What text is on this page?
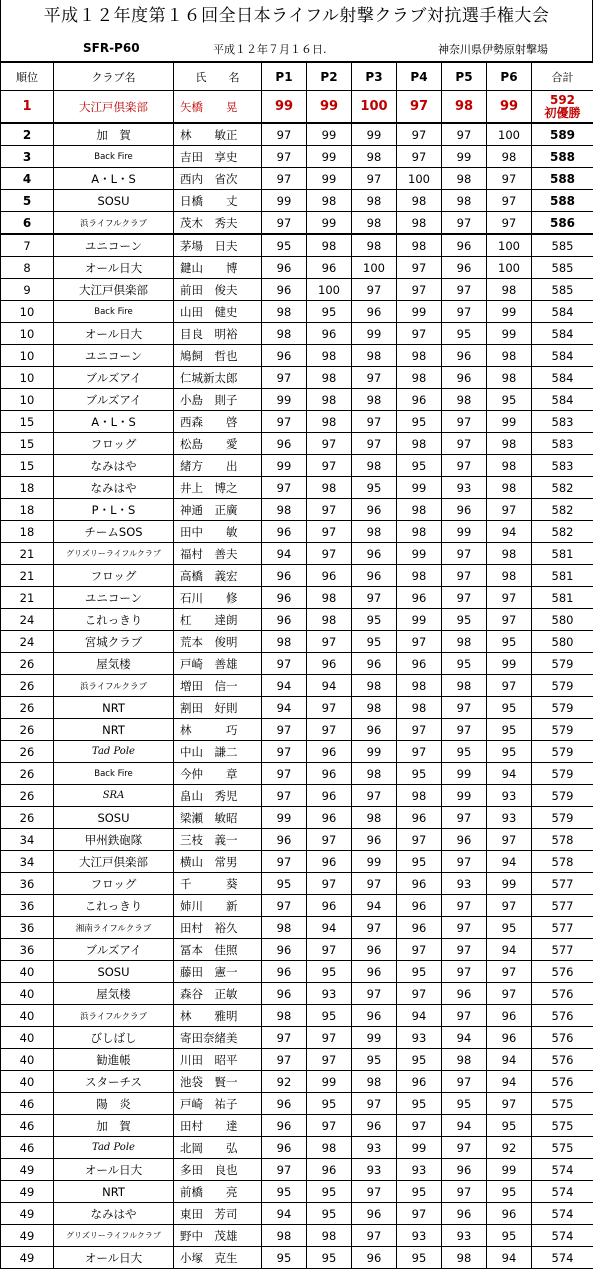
平成１２年度第１６回全日本ライフル射撃クラブ対抗選手権大会
SFR-P60	平成１２年７月１６日.	神奈川県伊勢原射撃場
順位	クラブ名	氏　　名	P1	P2	P3	P4	P5	P6	合計
1	大江戸倶楽部	矢橋　　晃	99	99	100	97	98	99	592
初優勝

2	加　賀	林　　敏正	97	99	99	97	97	100	589

3	Back Fire	吉田　享史	97	99	98	97	99	98	588

4	A・L・S	西内　省次	97	99	97	100	98	97	588

5	SOSU	日橋　　丈	99	98	98	98	98	97	588

6	浜ライフルクラブ	茂木　秀夫	97	99	98	98	97	97	586

7	ユニコーン	茅場　日夫	95	98	98	98	96	100	585

8	オール日大	鍵山　　博	96	96	100	97	96	100	585

9	大江戸倶楽部	前田　俊夫	96	100	97	97	97	98	585

10	Back Fire	山田　健史	98	95	96	99	97	99	584

10	オール日大	目良　明裕	98	96	99	97	95	99	584

10	ユニコーン	鳩飼　哲也	96	98	98	98	96	98	584

10	ブルズアイ	仁城新太郎	97	98	97	98	96	98	584

10	ブルズアイ	小島　則子	99	98	98	96	98	95	584

15	A・L・S	西森　　啓	97	98	97	95	97	99	583

15	フロッグ	松島　　愛	96	97	97	98	97	98	583

15	なみはや	緒方　　出	99	97	98	95	97	98	583

18	なみはや	井上　博之	97	98	95	99	93	98	582

18	P・L・S	神通　正廣	98	97	96	98	96	97	582

18	チームSOS	田中　　敏	96	97	98	98	99	94	582

21	グリズリーライフルクラブ	福村　善夫	94	97	96	99	97	98	581

21	フロッグ	高橋　義宏	96	96	96	98	97	98	581

21	ユニコーン	石川　　修	96	98	97	96	97	97	581

24	これっきり	杠　　達朗	96	98	95	99	95	97	580

24	宮城クラブ	荒本　俊明	98	97	95	97	98	95	580

26	屋気楼	戸崎　善雄	97	96	96	96	95	99	579

26	浜ライフルクラブ	増田　信一	94	94	98	98	98	97	579

26	NRT	割田　好則	94	97	98	98	97	95	579

26	NRT	林　　　巧	97	97	96	97	97	95	579

26	Tad Pole	中山　謙二	97	96	99	97	95	95	579

26	Back Fire	今仲　　章	97	96	98	95	99	94	579

26	SRA	畠山　秀児	97	96	97	98	99	93	579

26	SOSU	梁瀬　敏昭	99	96	98	96	97	93	579

34	甲州鉄砲隊	三枝　義一	96	97	96	97	96	97	578

34	大江戸倶楽部	横山　常男	97	96	99	95	97	94	578

36	フロッグ	千　　　葵	95	97	97	96	93	99	577

36	これっきり	姉川　　新	97	96	94	96	97	97	577

36	湘南ライフルクラブ	田村　裕久	98	94	97	96	97	95	577

36	ブルズアイ	冨本　佳照	96	97	96	97	97	94	577

40	SOSU	藤田　憲一	96	95	96	95	97	97	576

40	屋気楼	森谷　正敏	96	93	97	97	96	97	576

40	浜ライフルクラブ	林　　雅明	98	95	96	94	97	96	576

40	びしばし	寄田奈緒美	97	97	99	93	94	96	576

40	勧進帳	川田　昭平	97	97	95	95	98	94	576

40	スターチス	池袋　賢一	92	99	98	96	97	94	576

46	陽　炎	戸崎　祐子	96	95	97	95	95	97	575

46	加　賀	田村　　達	96	97	96	97	94	95	575

46	Tad Pole	北岡　　弘	96	98	93	99	97	92	575

49	オール日大	多田　良也	97	96	93	93	96	99	574

49	NRT	前橋　　亮	95	95	97	95	97	95	574

49	なみはや	東田　芳司	94	95	96	97	96	96	574

49	グリズリーライフルクラブ	野中　茂雄	98	98	97	93	93	95	574

49	オール日大	小塚　克生	95	95	96	95	98	94	574
